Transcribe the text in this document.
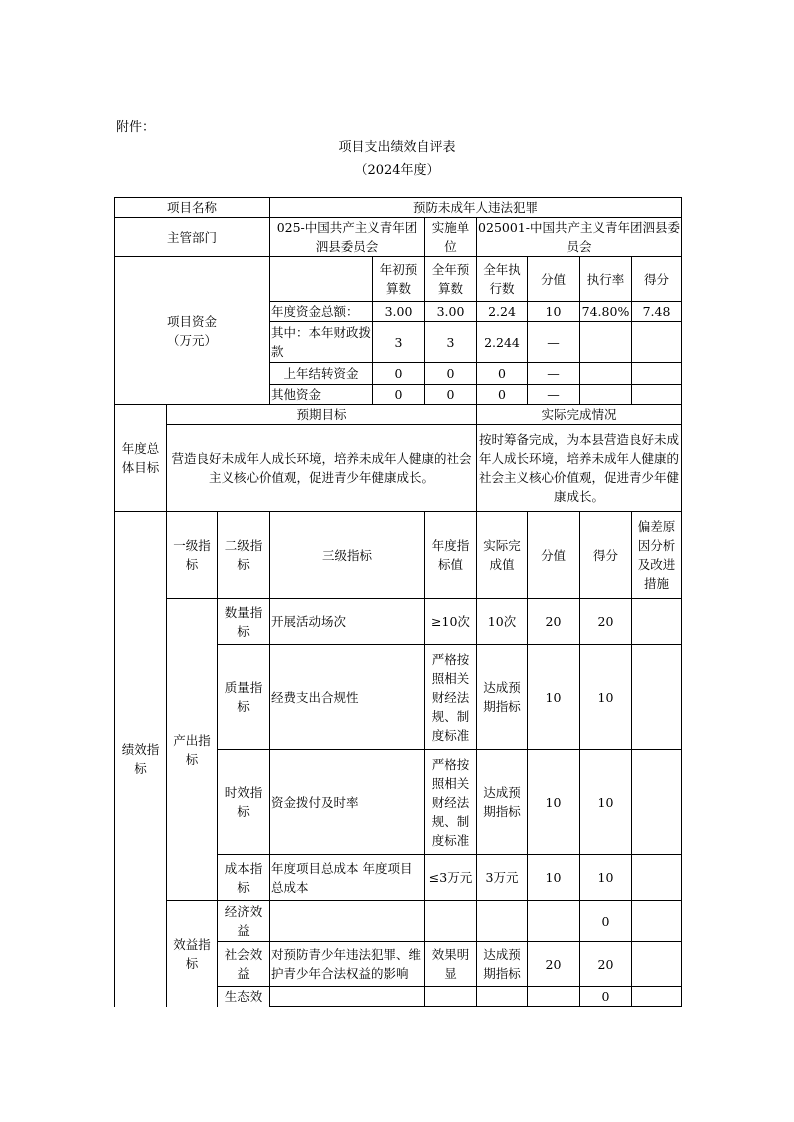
附件：
项目支出绩效自评表
（2024年度）
项目名称			预防未成年人违法犯罪						
主管部门			025-中国共产主义青年团泗县委员会		实施单位	025001-中国共产主义青年团泗县委员会			

项目资金
（万元）				年初预算数	全年预算数	全年执行数	分值	执行率	得分
			年度资金总额：	3.00	3.00	2.24	10	74.80%	7.48
			其中：本年财政拨款	3	3	2.244	—		
			上年结转资金	0	0	0	—		
			其他资金	0	0	0	—		
年度总体目标	预期目标					实际完成情况			
	营造良好未成年人成长环境，培养未成年人健康的社会主义核心价值观，促进青少年健康成长。					按时筹备完成，为本县营造良好未成年人成长环境，培养未成年人健康的社会主义核心价值观，促进青少年健康成长。			
绩效指标	一级指标	二级指标	三级指标		年度指标值	实际完成值	分值	得分	偏差原因分析及改进措施
	产出指标	数量指标	开展活动场次		≥10次	10次	20	20	
		质量指标	经费支出合规性		严格按照相关财经法规、制度标准	达成预期指标	10	10	
		时效指标	资金拨付及时率		严格按照相关财经法规、制度标准	达成预期指标	10	10	
		成本指标	年度项目总成本 年度项目总成本		≤3万元	3万元	10	10	
	效益指标	经济效益						0	
		社会效益	对预防青少年违法犯罪、维护青少年合法权益的影响		效果明显	达成预期指标	20	20	
		生态效						0	
